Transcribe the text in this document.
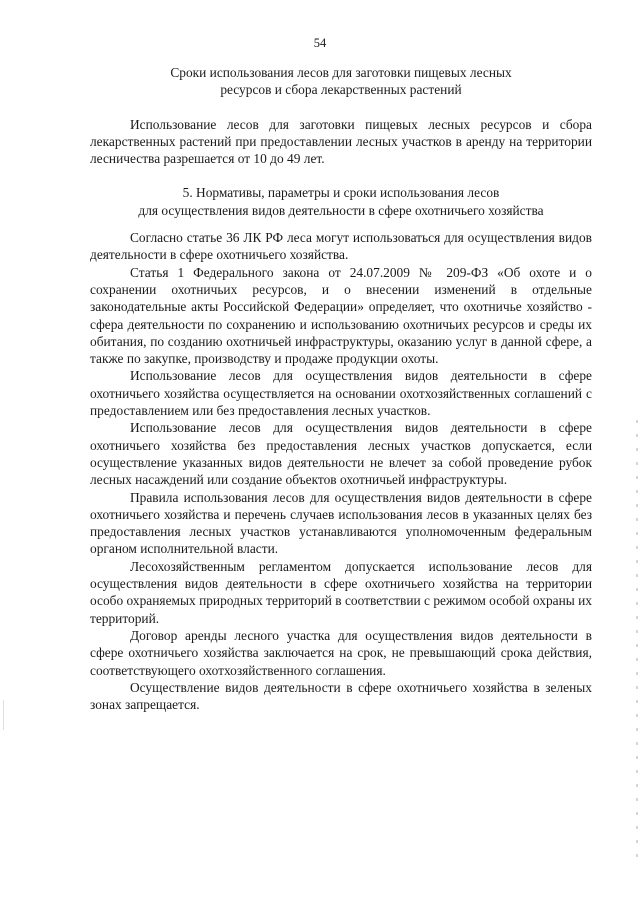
54

Сроки использования лесов для заготовки пищевых лесных

ресурсов и сбора лекарственных растений

Использование лесов для заготовки пищевых лесных ресурсов и сбора лекарственных растений при предоставлении лесных участков в аренду на территории лесничества разрешается от 10 до 49 лет.

5. Нормативы, параметры и сроки использования лесов

для осуществления видов деятельности в сфере охотничьего хозяйства

Согласно статье 36 ЛК РФ леса могут использоваться для осуществления видов деятельности в сфере охотничьего хозяйства.

Статья 1 Федерального закона от 24.07.2009 № 209-ФЗ «Об охоте и о сохранении охотничьих ресурсов, и о внесении изменений в отдельные законодательные акты Российской Федерации» определяет, что охотничье хозяйство - сфера деятельности по сохранению и использованию охотничьих ресурсов и среды их обитания, по созданию охотничьей инфраструктуры, оказанию услуг в данной сфере, а также по закупке, производству и продаже продукции охоты.

Использование лесов для осуществления видов деятельности в сфере охотничьего хозяйства осуществляется на основании охотхозяйственных соглашений с предоставлением или без предоставления лесных участков.

Использование лесов для осуществления видов деятельности в сфере охотничьего хозяйства без предоставления лесных участков допускается, если осуществление указанных видов деятельности не влечет за собой проведение рубок лесных насаждений или создание объектов охотничьей инфраструктуры.

Правила использования лесов для осуществления видов деятельности в сфере охотничьего хозяйства и перечень случаев использования лесов в указанных целях без предоставления лесных участков устанавливаются уполномоченным федеральным органом исполнительной власти.

Лесохозяйственным регламентом допускается использование лесов для осуществления видов деятельности в сфере охотничьего хозяйства на территории особо охраняемых природных территорий в соответствии с режимом особой охраны их территорий.

Договор аренды лесного участка для осуществления видов деятельности в сфере охотничьего хозяйства заключается на срок, не превышающий срока действия, соответствующего охотхозяйственного соглашения.

Осуществление видов деятельности в сфере охотничьего хозяйства в зеленых зонах запрещается.
